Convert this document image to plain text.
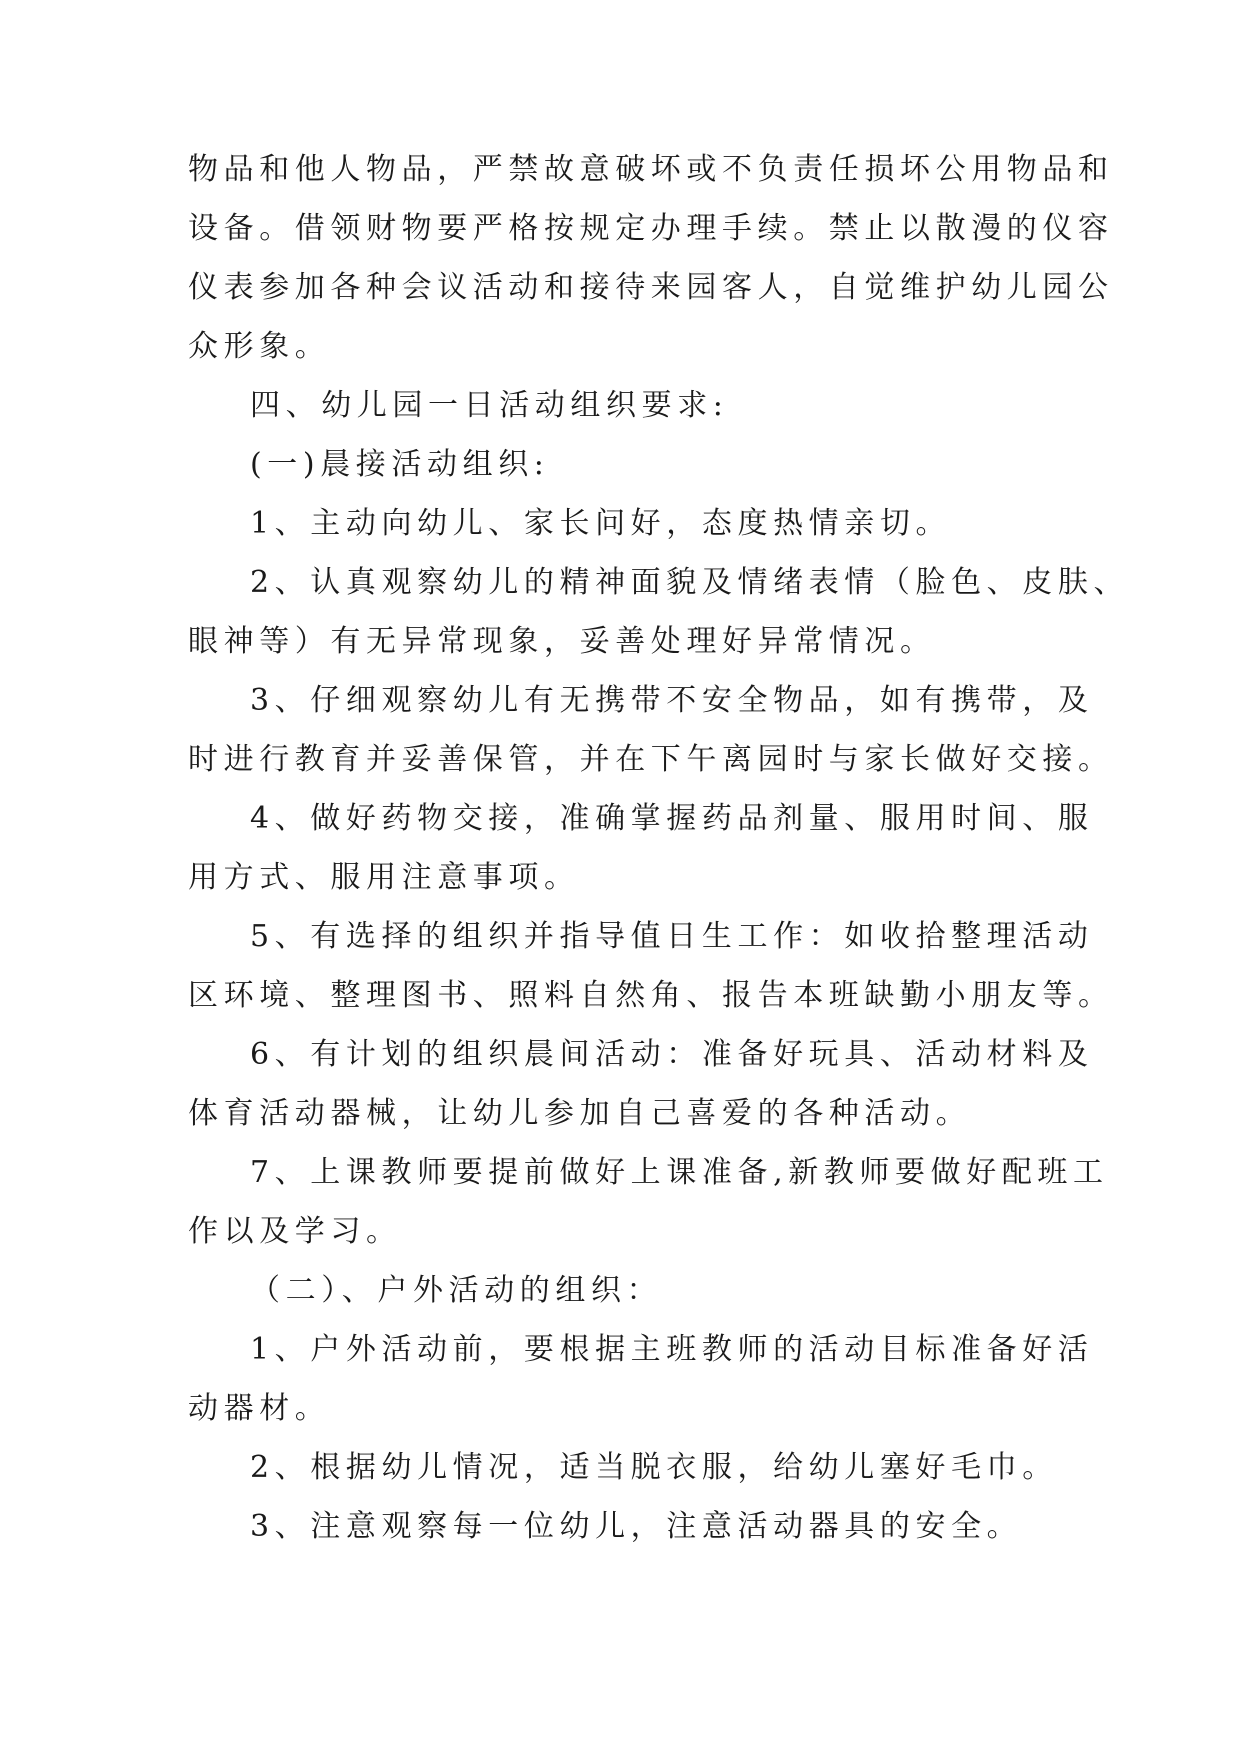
物品和他人物品，严禁故意破坏或不负责任损坏公用物品和

设备。借领财物要严格按规定办理手续。禁止以散漫的仪容

仪表参加各种会议活动和接待来园客人，自觉维护幼儿园公

众形象。

四、幼儿园一日活动组织要求:

(一)晨接活动组织:

1、主动向幼儿、家长问好，态度热情亲切。

2、认真观察幼儿的精神面貌及情绪表情（脸色、皮肤、

眼神等）有无异常现象，妥善处理好异常情况。

3、仔细观察幼儿有无携带不安全物品，如有携带，及

时进行教育并妥善保管，并在下午离园时与家长做好交接。

4、做好药物交接，准确掌握药品剂量、服用时间、服

用方式、服用注意事项。

5、有选择的组织并指导值日生工作：如收拾整理活动

区环境、整理图书、照料自然角、报告本班缺勤小朋友等。

6、有计划的组织晨间活动：准备好玩具、活动材料及

体育活动器械，让幼儿参加自己喜爱的各种活动。

7、上课教师要提前做好上课准备,新教师要做好配班工

作以及学习。

（二）、户外活动的组织：

1、户外活动前，要根据主班教师的活动目标准备好活

动器材。

2、根据幼儿情况，适当脱衣服，给幼儿塞好毛巾。

3、注意观察每一位幼儿，注意活动器具的安全。
